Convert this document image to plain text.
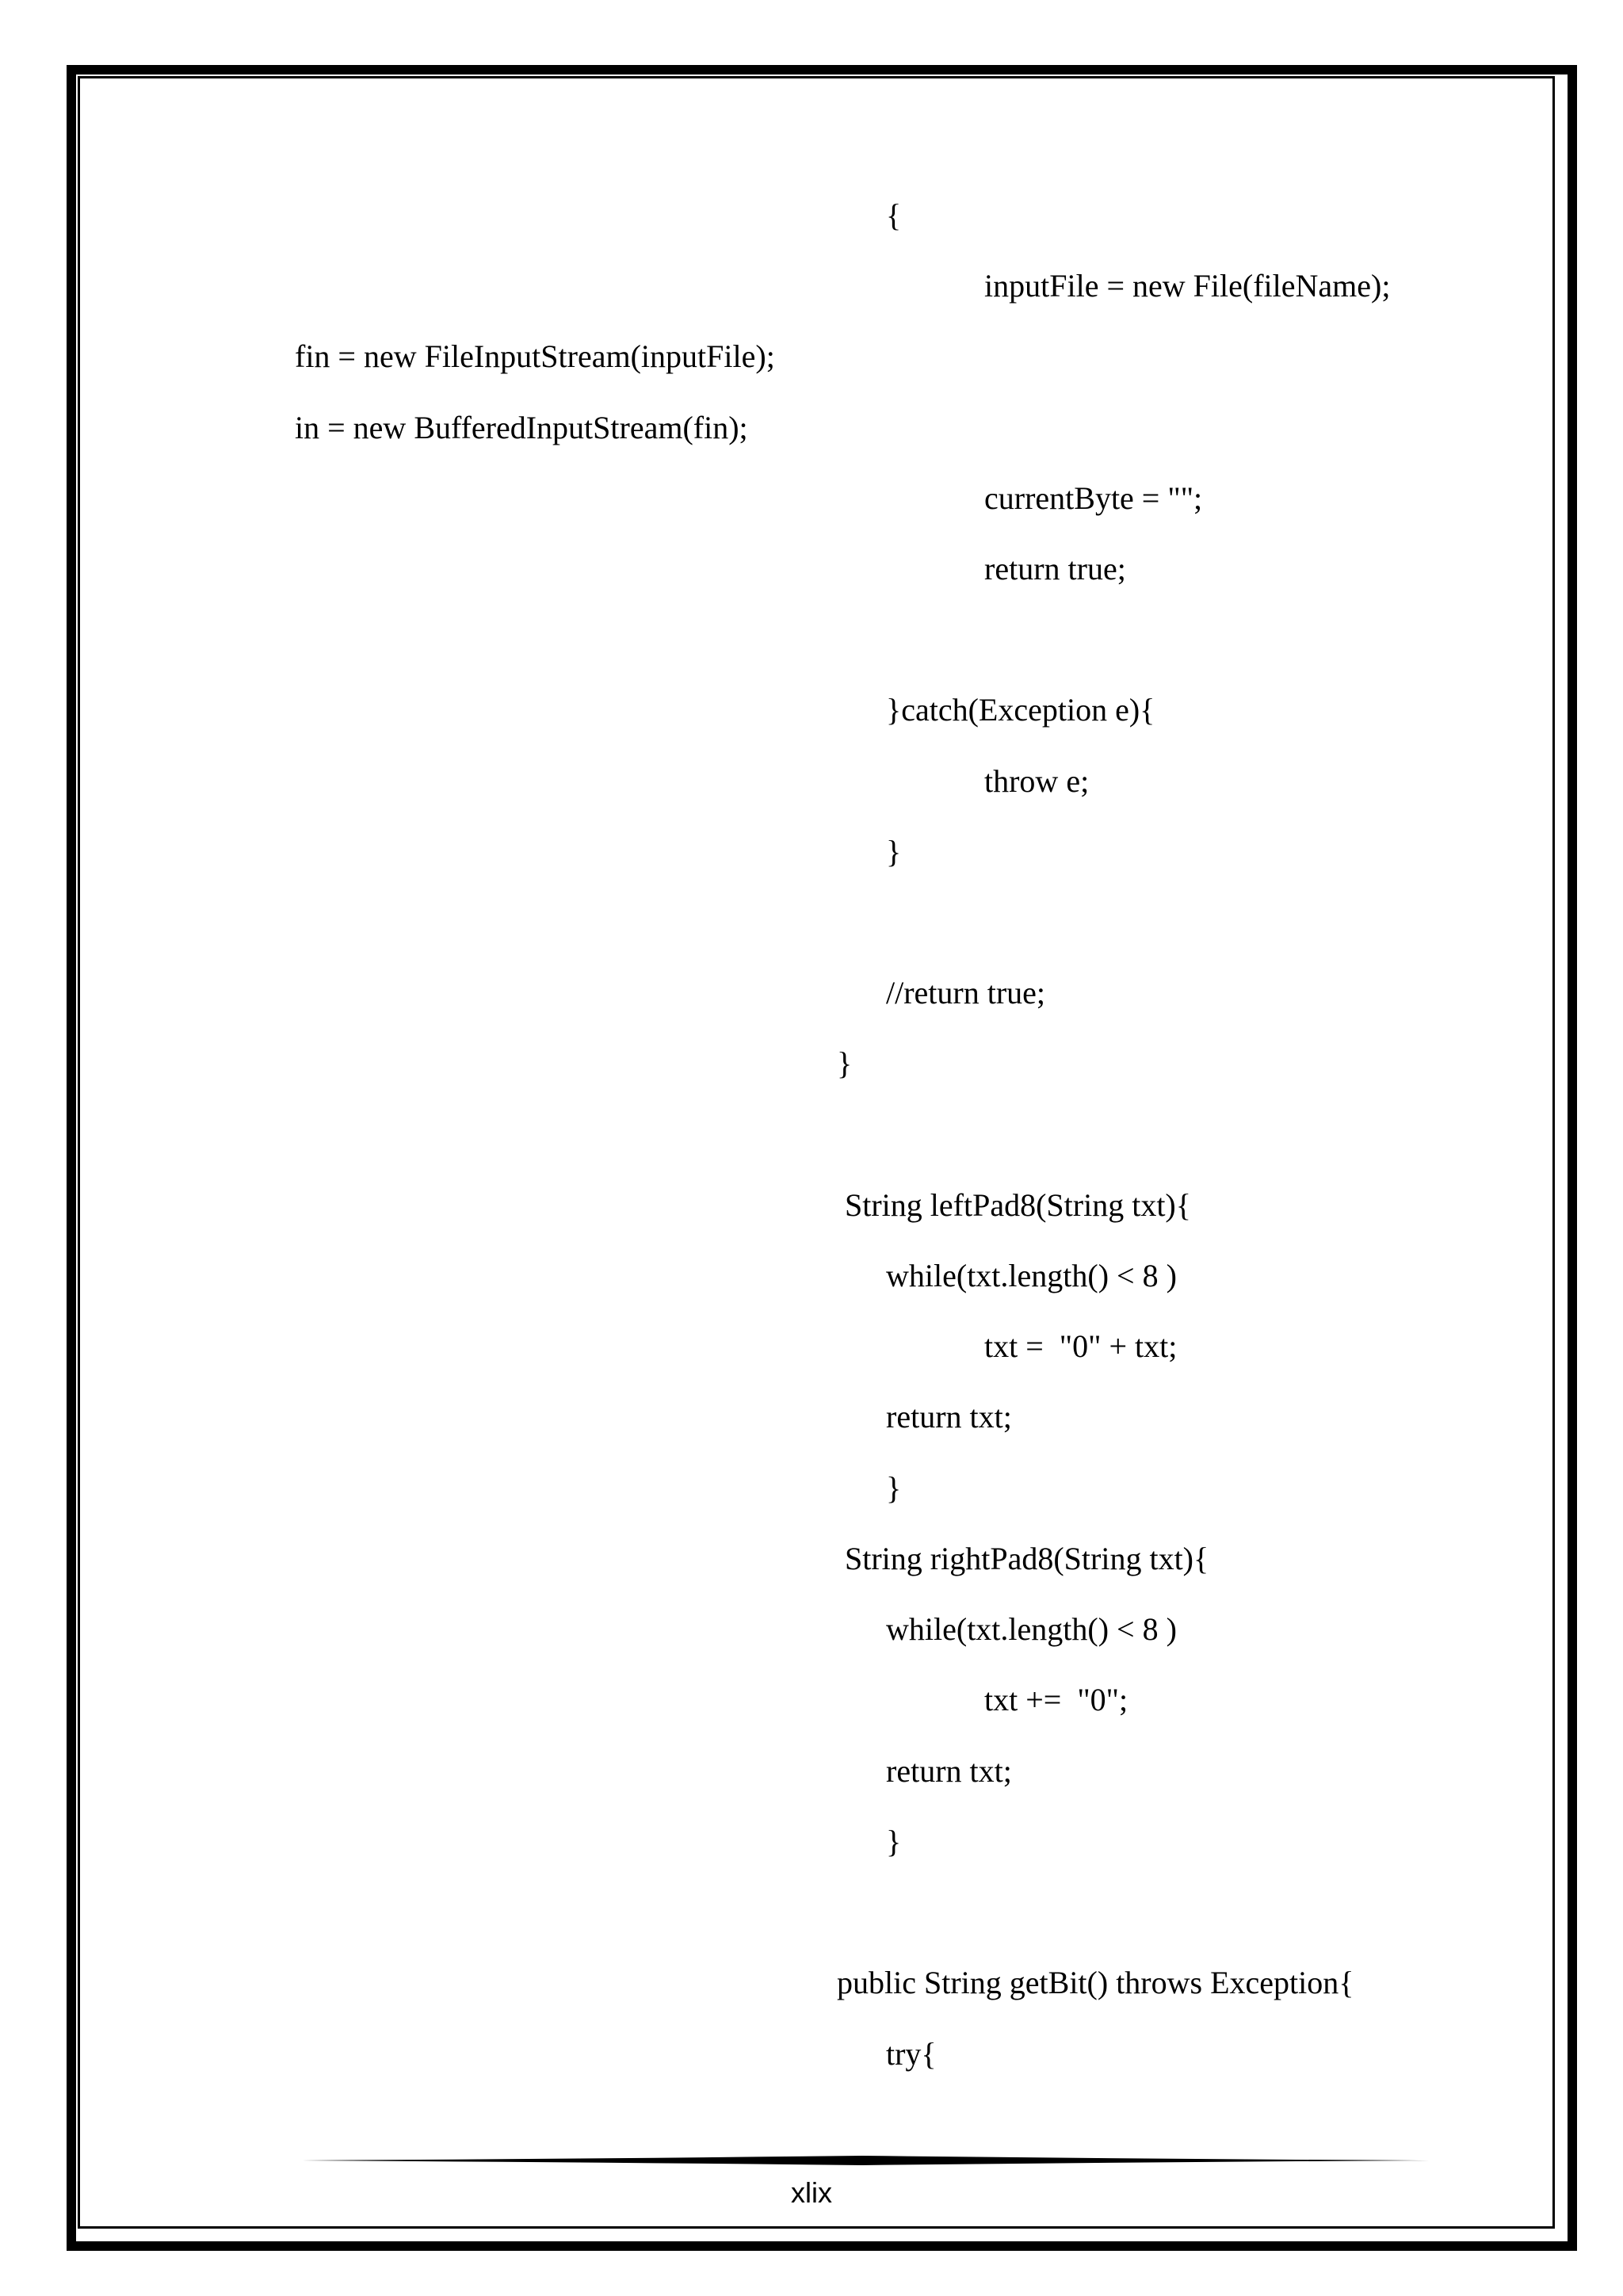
{

inputFile = new File(fileName);

fin = new FileInputStream(inputFile);

in = new BufferedInputStream(fin);

currentByte = "";

return true;

}catch(Exception e){

throw e;

}

//return true;

}

String leftPad8(String txt){

while(txt.length() < 8 )

txt =  "0" + txt;

return txt;

}

String rightPad8(String txt){

while(txt.length() < 8 )

txt +=  "0";

return txt;

}

public String getBit() throws Exception{

try{

xlix
